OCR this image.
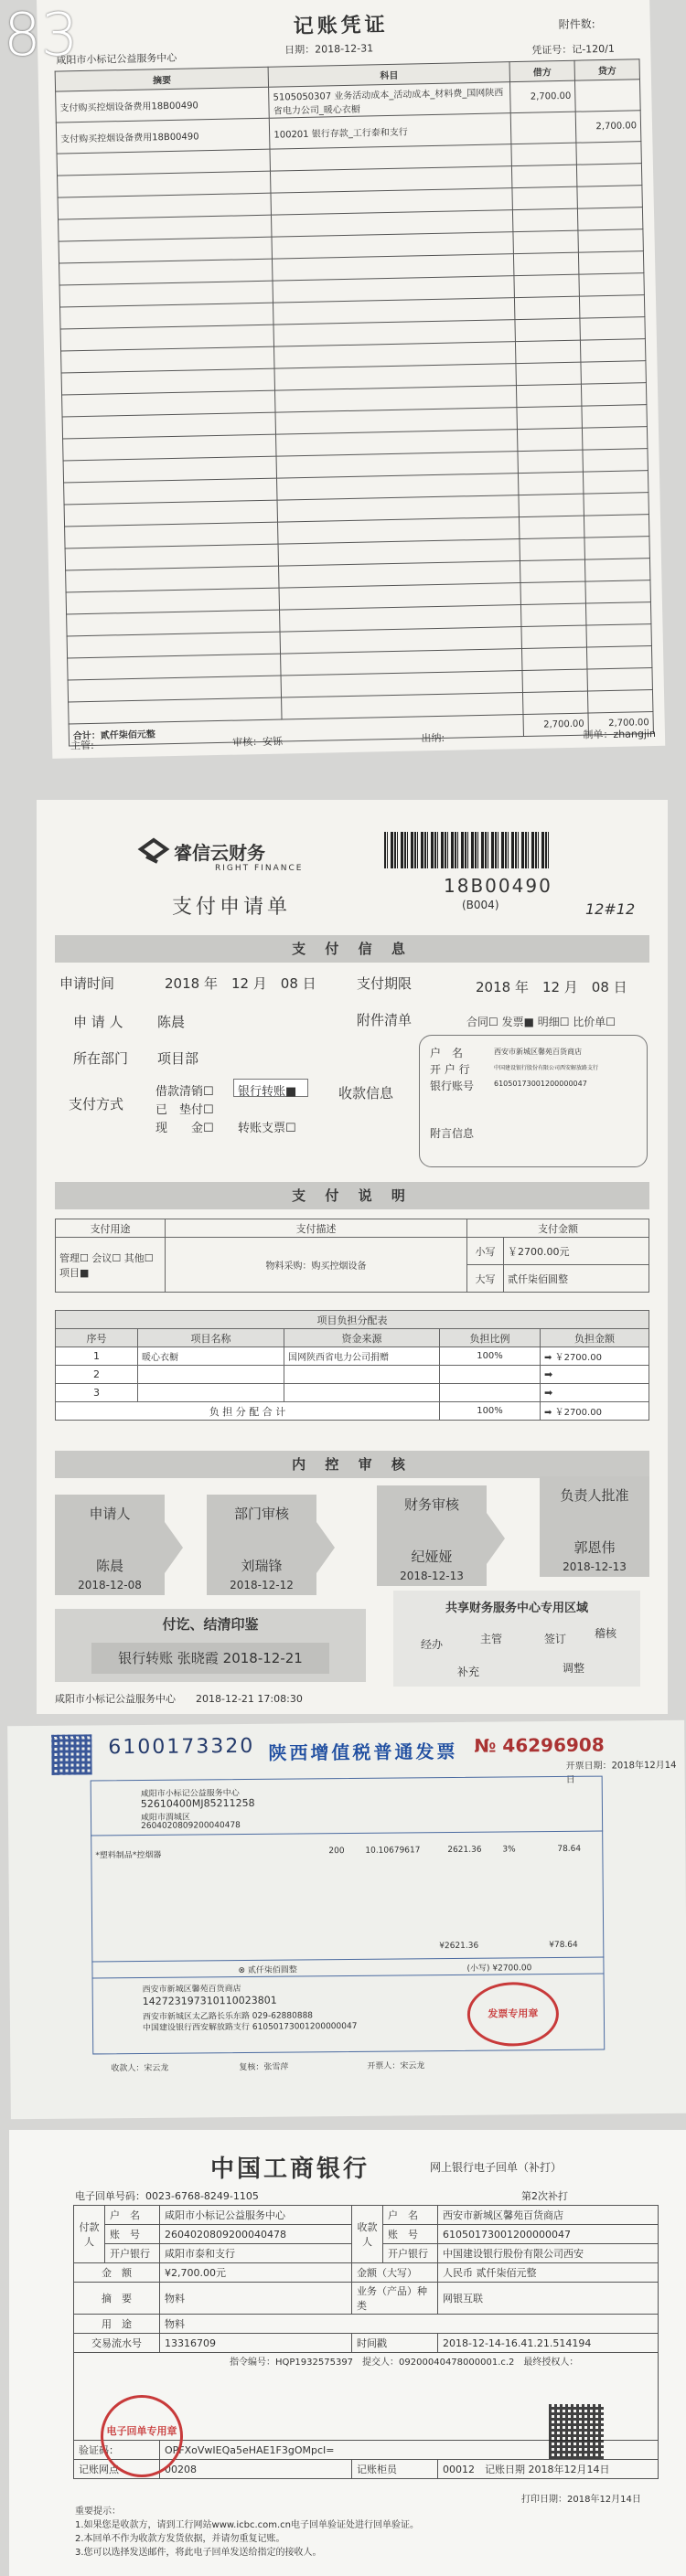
83	记账凭证	附件数:
咸阳市小标记公益服务中心
日期：2018-12-31	凭证号：记-120/1
摘要	科目	借方	贷方
支付购买控烟设备费用18B00490	5105050307 业务活动成本_活动成本_材料费_国网陕西省电力公司_暖心衣橱	2,700.00	
支付购买控烟设备费用18B00490	100201 银行存款_工行泰和支行		2,700.00

合计：贰仟柒佰元整		2,700.00	2,700.00
主管:	审核：安铄	出纳:	制单：zhangjin
睿信云财务
RIGHT FINANCE
支付申请单
18B00490
(B004)	12#12
支 付 信 息
申请时间	2018 年　12 月　08 日	支付期限	2018 年　12 月　08 日
申 请 人 陈晨	附件清单	合同☐ 发票■ 明细☐ 比价单☐
所在部门 项目部
支付方式
借款清销☐
已　垫付☐
现　　金☐
银行转账■
转账支票☐
收款信息
户　名
开 户 行
银行账号
西安市新城区馨苑百货商店
中国建设银行股份有限公司西安解放路支行
61050173001200000047
附言信息
支 付 说 明
支付用途	支付描述	支付金额	
管理☐ 会议☐ 其他☐ 项目■	物料采购：购买控烟设备	小写	￥2700.00元
		大写	贰仟柒佰圆整
项目负担分配表				
序号	项目名称	资金来源	负担比例	负担金额
1	暖心衣橱	国网陕西省电力公司捐赠	100%	➡ ￥2700.00
2				➡
3				➡
负 担 分 配 合 计			100%	➡ ￥2700.00
内 控 审 核
申请人
陈晨
2018-12-08
部门审核
刘瑞锋
2018-12-12
财务审核
纪娅娅
2018-12-13
负责人批准
郭恩伟
2018-12-13
付讫、结清印鉴
银行转账 张晓霞 2018-12-21
共享财务服务中心专用区域
经办	主管	稽核
签订
补充	调整
咸阳市小标记公益服务中心　　2018-12-21 17:08:30
6100173320 陕西增值税普通发票 № 46296908
开票日期：2018年12月14日
咸阳市小标记公益服务中心
52610400MJ85211258
咸阳市渭城区
2604020809200040478
*塑料制品*控烟器	200	10.10679617	2621.36	3%	78.64
¥2621.36	¥78.64
⊗ 贰仟柒佰圆整	(小写) ¥2700.00
西安市新城区馨苑百货商店
142723197310110023801
西安市新城区太乙路长乐东路 029-62880888
中国建设银行西安解放路支行 61050173001200000047
收款人：宋云龙	复核：张雪萍	开票人：宋云龙
发票专用章
中国工商银行	网上银行电子回单（补打）
电子回单号码：0023-6768-8249-1105	第2次补打
付款人	户　名	咸阳市小标记公益服务中心	收款人	户　名	西安市新城区馨苑百货商店
	账　号	2604020809200040478		账　号	61050173001200000047
	开户银行	咸阳市泰和支行		开户银行	中国建设银行股份有限公司西安
金　额		¥2,700.00元	金额（大写）		人民币 贰仟柒佰元整
摘　要		物料	业务（产品）种类		网银互联
用　途		物料			
交易流水号		13316709	时间戳		2018-12-14-16.41.21.514194

指令编号：HQP1932575397　提交人：09200040478000001.c.2　最终授权人：					

验证码：		OPFXoVwIEQa5eHAE1F3gOMpcI=			
记账网点		00208	记账柜员		00012　 记账日期 2018年12月14日
电子回单专用章
打印日期：2018年12月14日
重要提示：
1.如果您是收款方，请到工行网站www.icbc.com.cn电子回单验证处进行回单验证。
2.本回单不作为收款方发货依据，并请勿重复记账。
3.您可以选择发送邮件，将此电子回单发送给指定的接收人。
